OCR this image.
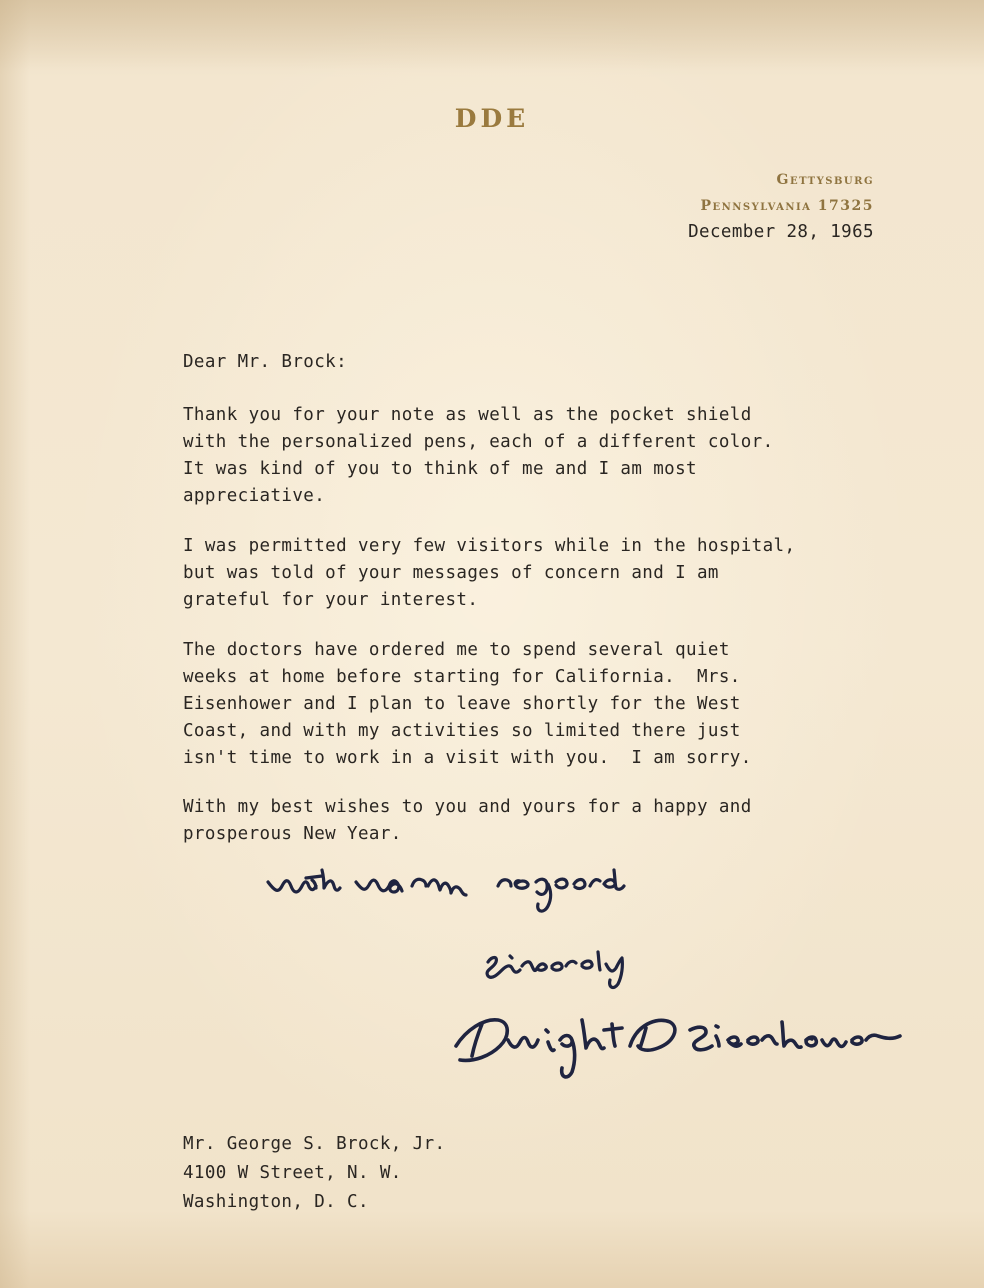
DDE
Gettysburg
Pennsylvania 17325
December 28, 1965
Dear Mr. Brock:
Thank you for your note as well as the pocket shield
with the personalized pens, each of a different color.
It was kind of you to think of me and I am most
appreciative.
I was permitted very few visitors while in the hospital,
but was told of your messages of concern and I am
grateful for your interest.
The doctors have ordered me to spend several quiet
weeks at home before starting for California.  Mrs.
Eisenhower and I plan to leave shortly for the West
Coast, and with my activities so limited there just
isn't time to work in a visit with you.  I am sorry.
With my best wishes to you and yours for a happy and
prosperous New Year.
Mr. George S. Brock, Jr.
4100 W Street, N. W.
Washington, D. C.
